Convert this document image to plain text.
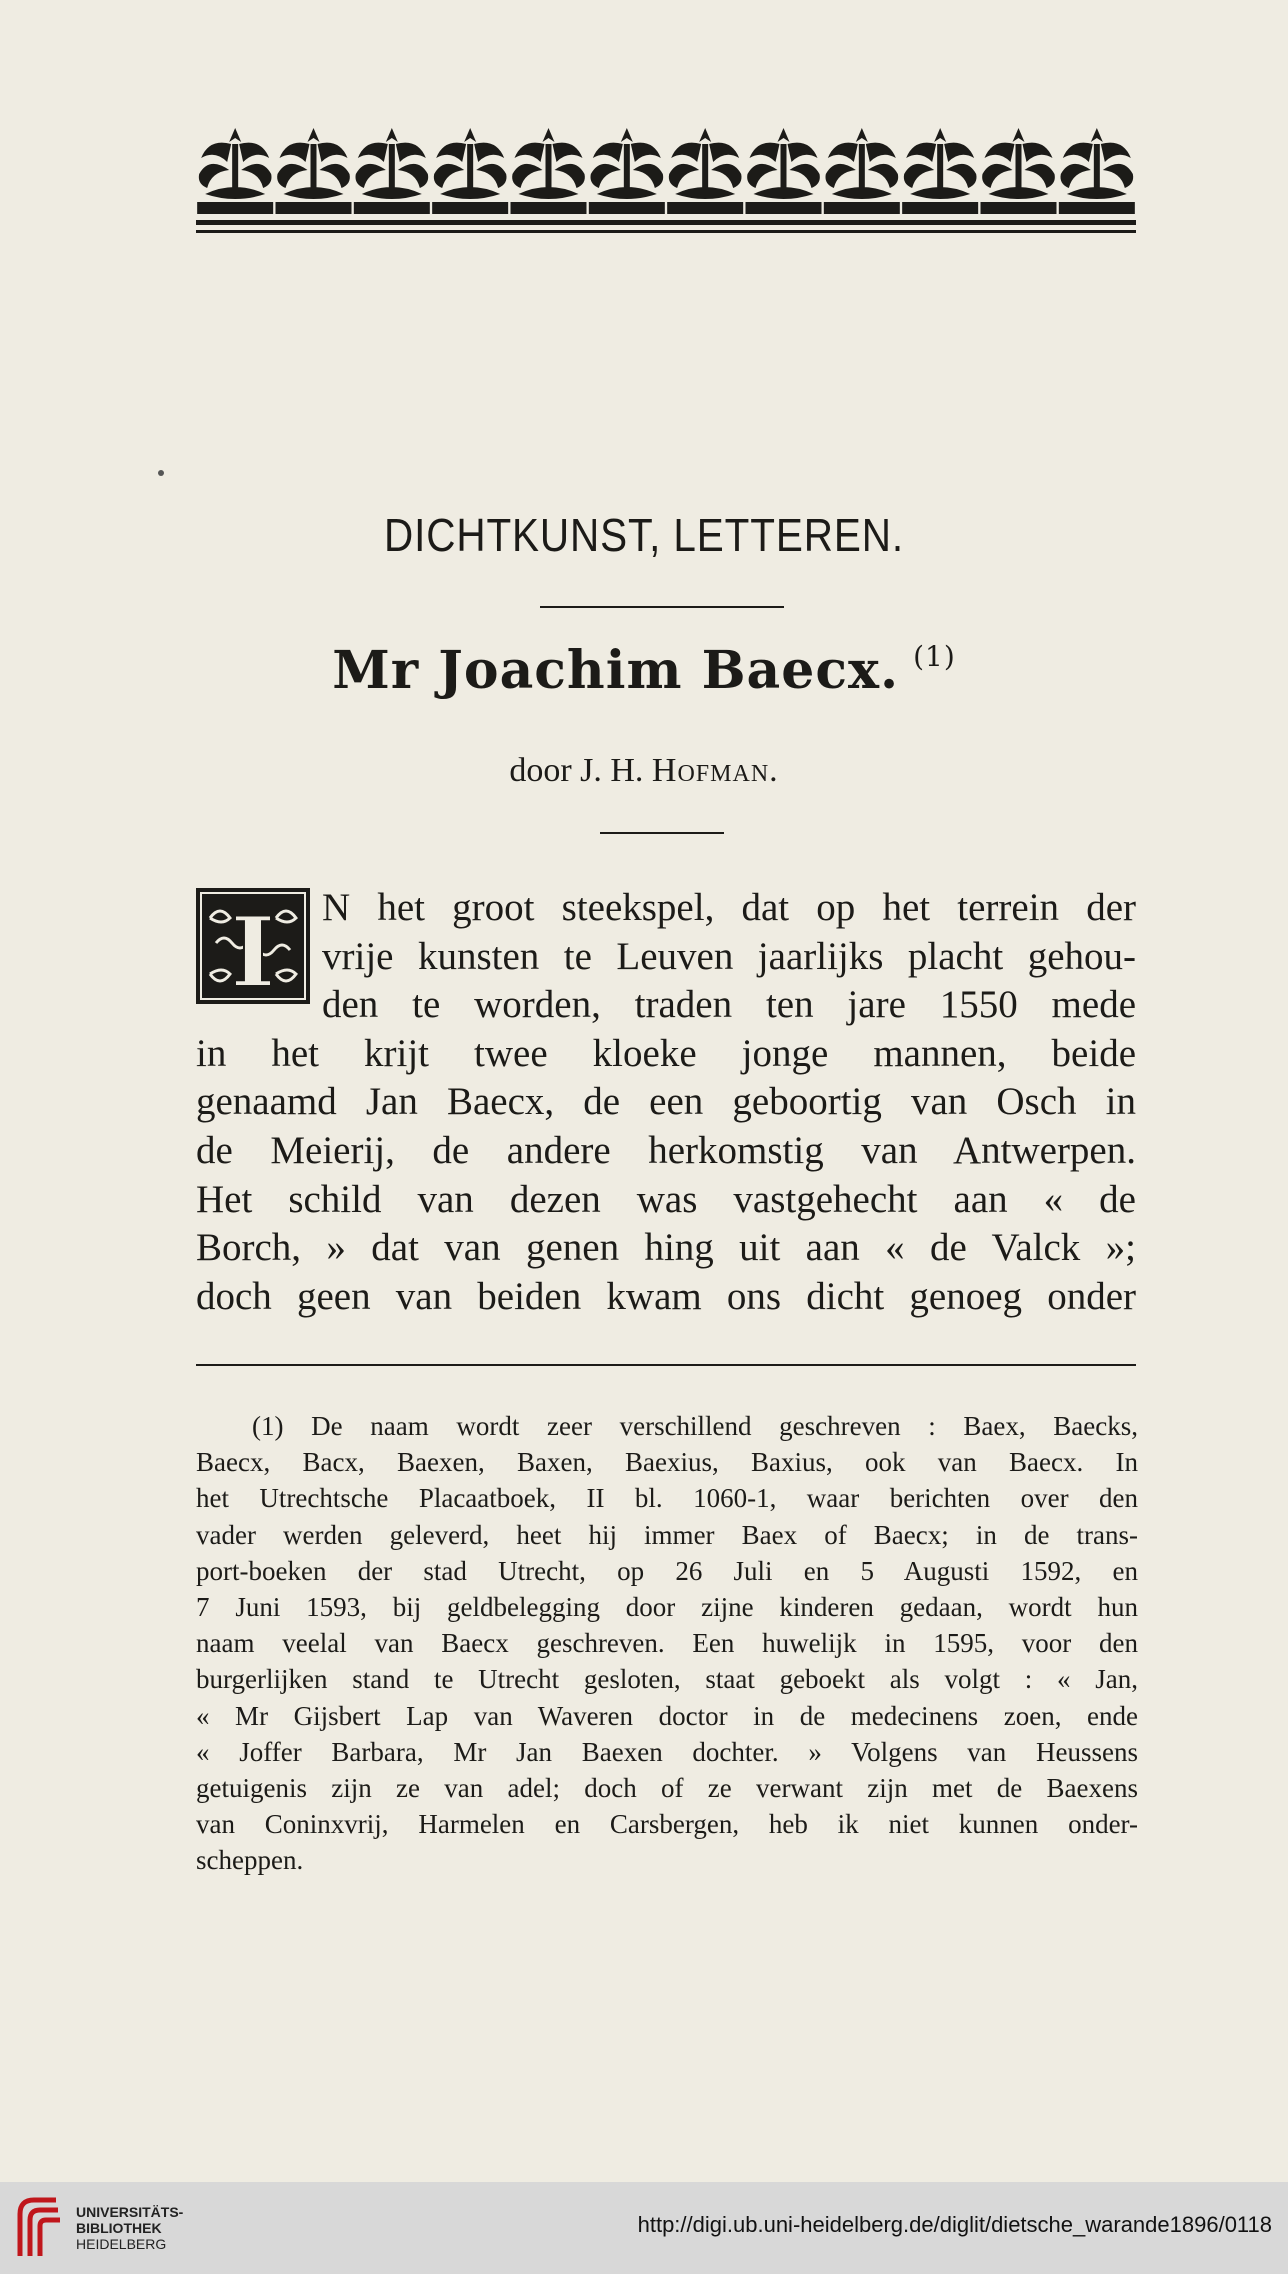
DICHTKUNST, LETTEREN.
Mr Joachim Baecx. $^{(1)}$
door J. H. Hofman.
I N het groot steekspel, dat op het terrein der
vrije kunsten te Leuven jaarlijks placht gehou-
den te worden, traden ten jare 1550 mede
in het krijt twee kloeke jonge mannen, beide
genaamd Jan Baecx, de een geboortig van Osch in
de Meierij, de andere herkomstig van Antwerpen.
Het schild van dezen was vastgehecht aan « de
Borch, » dat van genen hing uit aan « de Valck »;
doch geen van beiden kwam ons dicht genoeg onder
(1) De naam wordt zeer verschillend geschreven : Baex, Baecks,
Baecx, Bacx, Baexen, Baxen, Baexius, Baxius, ook van Baecx. In
het Utrechtsche Placaatboek, II bl. 1060-1, waar berichten over den
vader werden geleverd, heet hij immer Baex of Baecx; in de trans-
port-boeken der stad Utrecht, op 26 Juli en 5 Augusti 1592, en
7 Juni 1593, bij geldbelegging door zijne kinderen gedaan, wordt hun
naam veelal van Baecx geschreven. Een huwelijk in 1595, voor den
burgerlijken stand te Utrecht gesloten, staat geboekt als volgt : « Jan,
« Mr Gijsbert Lap van Waveren doctor in de medecinens zoen, ende
« Joffer Barbara, Mr Jan Baexen dochter. » Volgens van Heussens
getuigenis zijn ze van adel; doch of ze verwant zijn met de Baexens
van Coninxvrij, Harmelen en Carsbergen, heb ik niet kunnen onder-
scheppen.
UNIVERSITÄTS-
BIBLIOTHEK
HEIDELBERG
http://digi.ub.uni-heidelberg.de/diglit/dietsche_warande1896/0118
